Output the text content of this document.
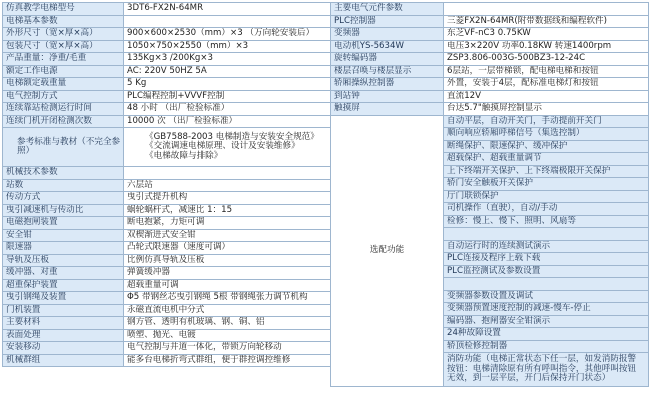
仿真教学电梯型号	3DT6-FX2N-64MR
电梯基本参数	
外形尺寸（宽×厚×高）	900×600×2530（mm）×3 （万向轮安装后）
包装尺寸（宽×厚×高）	1050×750×2550（mm）×3
产品重量：净重/毛重	135Kg×3 /200Kg×3
额定工作电源	AC: 220V 50HZ 5A
电梯额定载重量	5 Kg
电气控制方式	PLC编程控制+VVVF控制
连续靠站检测运行时间	48 小时 （出厂检验标准）
连续门机开闭检测次数	10000 次 （出厂检验标准）
参考标准与教材（不完全参照）	《GB7588-2003 电梯制造与安装安全规范》
《交流调速电梯原理、设计及安装维修》
《电梯故障与排除》

机械技术参数	
站数	六层站
传动方式	曳引式提升机构
曳引减速机与传动比	蜗轮蜗杆式，减速比 1：15
电磁抱闸装置	断电抱紧，力矩可调
安全钳	双楔渐进式安全钳
限速器	凸轮式限速器（速度可调）
导轨及压板	比例仿真导轨及压板
缓冲器、对重	弹簧缓冲器
超重保护装置	超载重量可调
曳引钢绳及装置	Φ5 带钢丝芯曳引钢绳 5根 带钢绳张力调节机构
门机装置	永磁直流电机中分式
主要材料	钢方管、透明有机玻璃、钢、铜、铝
表面处理	喷塑、抛光、电镀
安装移动	电气控制与井道一体化，带锁万向轮移动
机械群组	能多台电梯折弯式群组，便于群控调控维修
主要电气元件参数	
PLC控制器	三菱FX2N-64MR(附带数据线和编程软件)
变频器	东芝VF-nC3 0.75KW
电动机YS-5634W	电压3×220V 功率0.18KW 转速1400rpm
旋转编码器	ZSP3.806-003G-500BZ3-12-24C
楼层召唤与楼层显示	6层站，一层带梯锁，配电梯电梯和按钮
轿厢操纵控制器	外置，安装于4层，配标准电梯灯和按钮
到站钟	直流12V
触摸屏	台达5.7"触摸屏控制显示
选配功能	自动平层，自动开关门，手动提前开关门
	顺向响应轿厢呼梯信号（集选控制）
	断绳保护、限速保护、缓冲保护
	超载保护、超载重量调节
	上下终端开关保护、上下终端极限开关保护
	轿门安全触板开关保护
	厅门联锁保护
	司机操作（直驶），自动/手动
	检修：慢上、慢下、照明、风扇等

	自动运行时的连续测试演示
	PLC连接及程序上载下载
	PLC监控测试及参数设置

	变频器参数设置及调试
	变频器预置速度控制的减速-慢车-停止
	编码器、抱闸器安全钳演示
	24种故障设置
	轿顶检修控制器

	消防功能（电梯正常状态下任一层，如发消防报警
按钮：电梯清除原有所有呼叫指令，其他呼叫按钮
无效，到一层平层，开门后保持开门状态）
